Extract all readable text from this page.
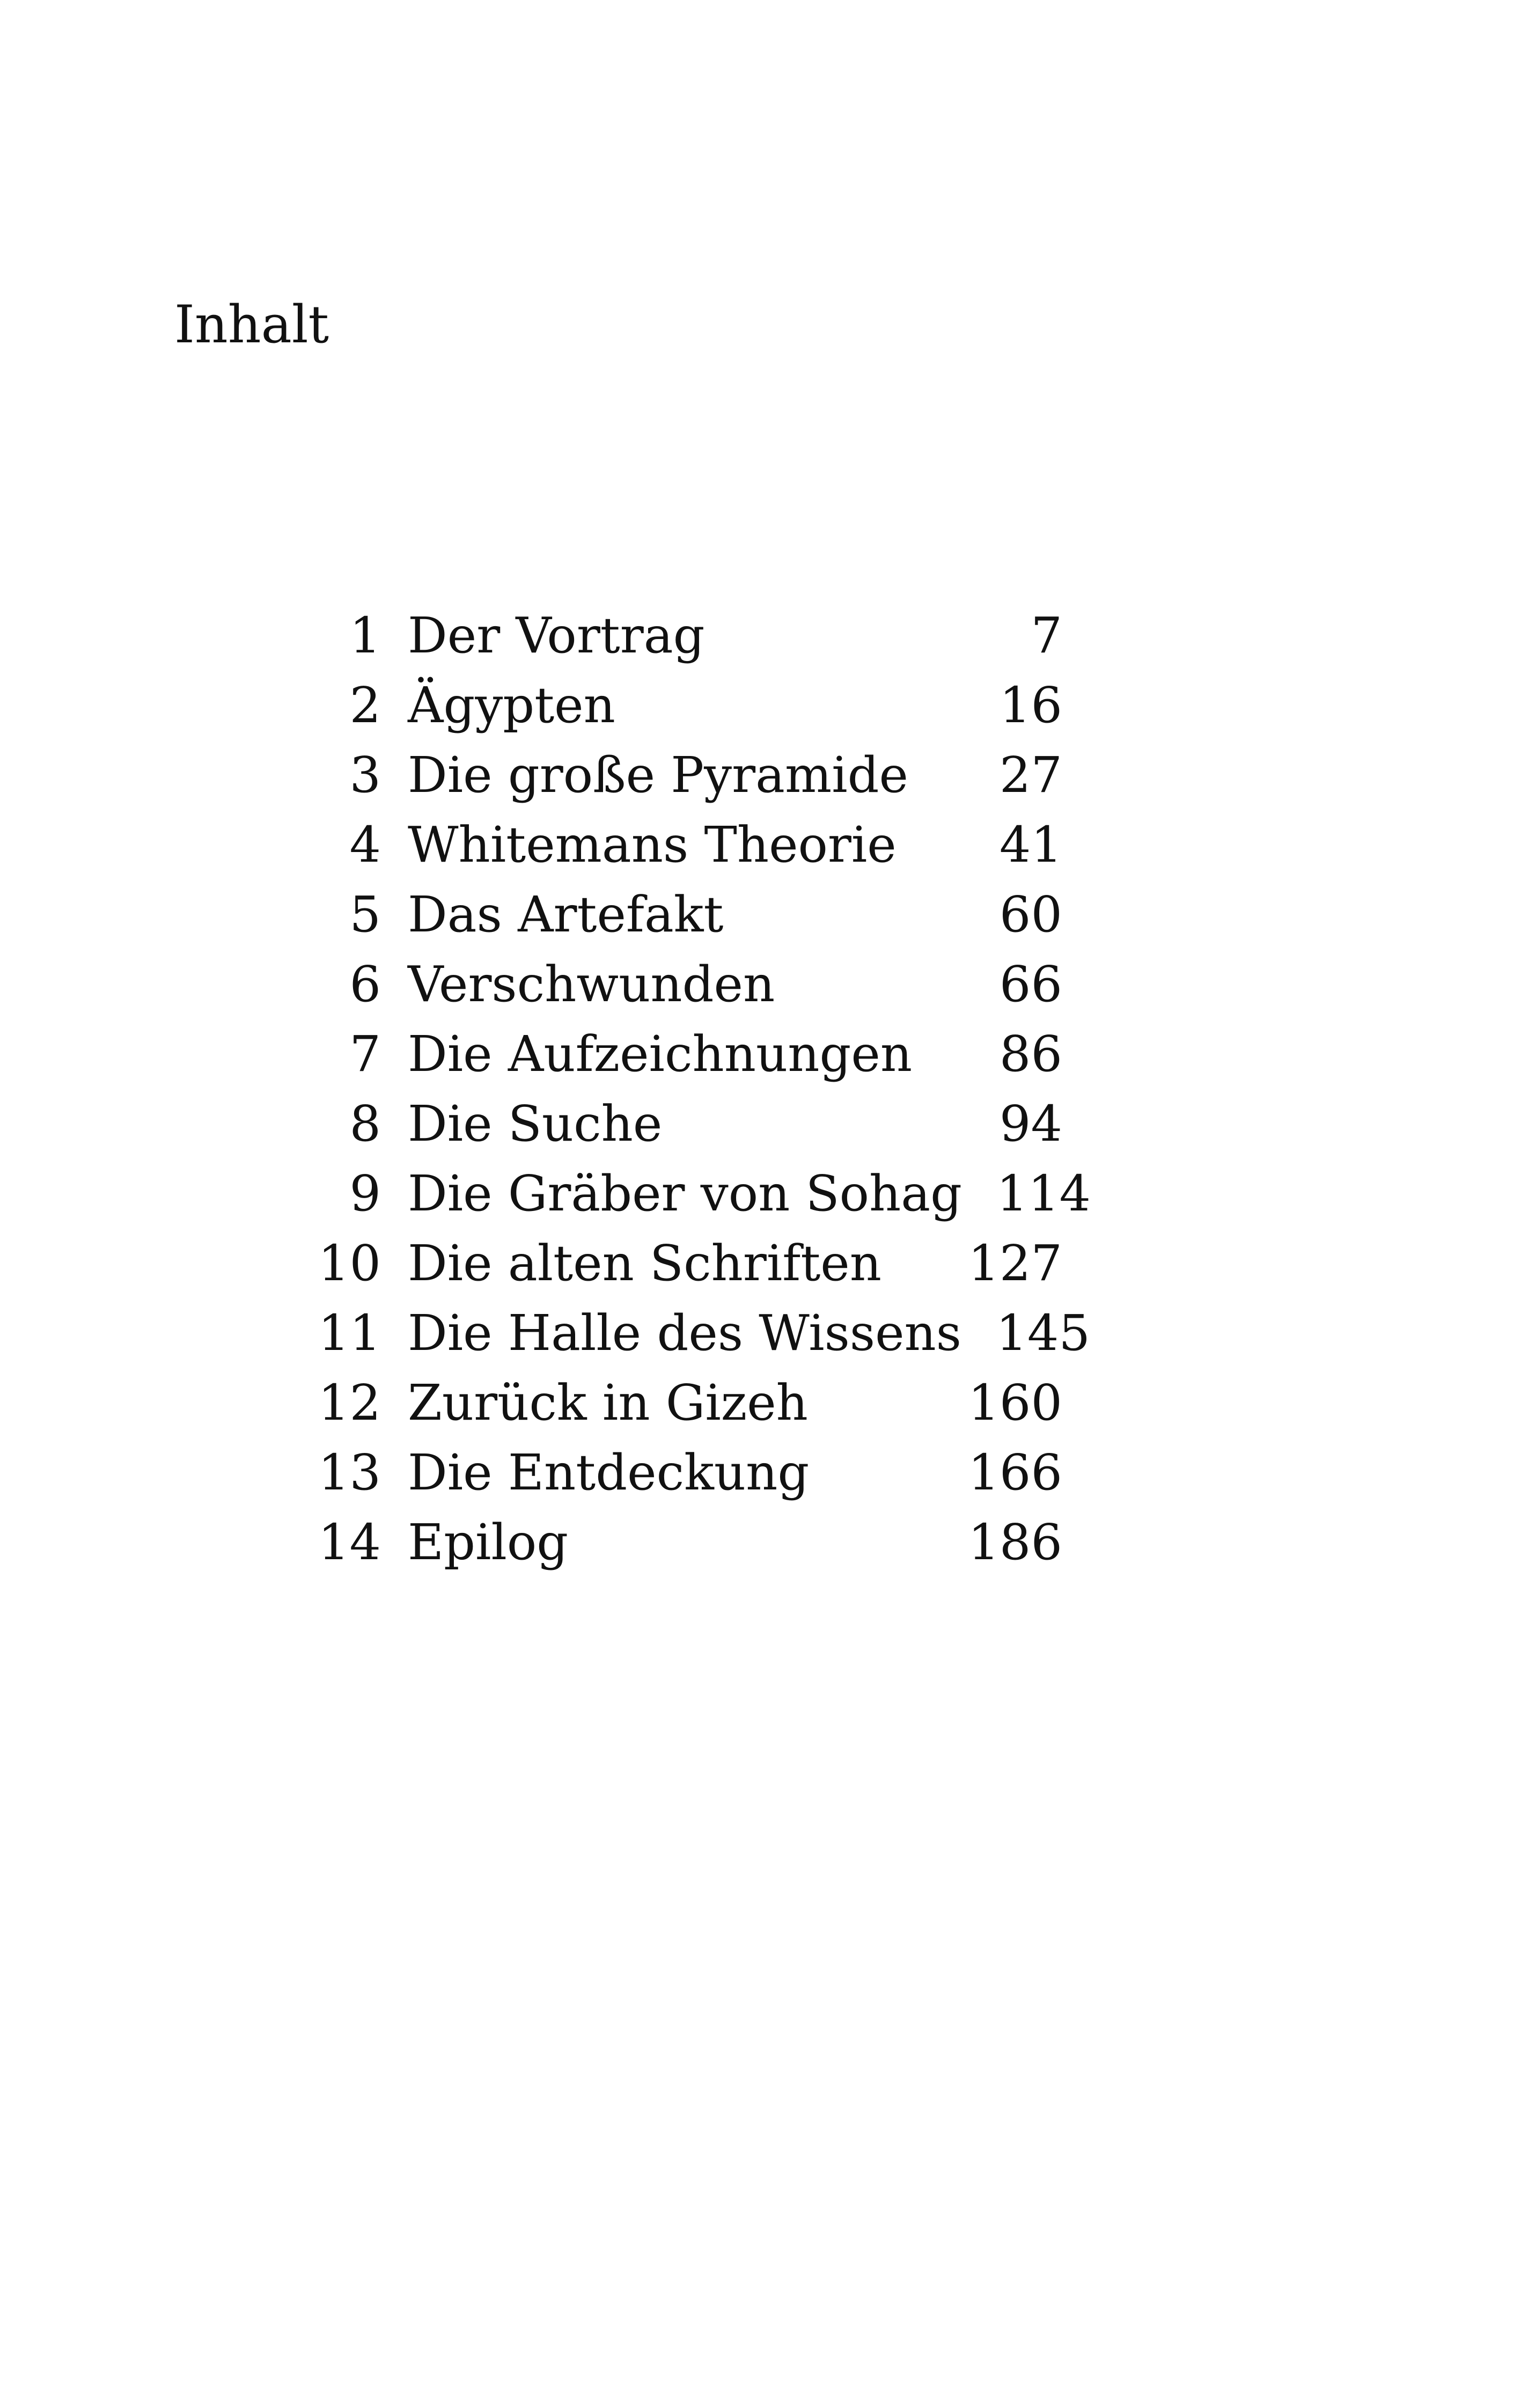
Inhalt
1 Der Vortrag	7
2 Ägypten	16
3 Die große Pyramide	27
4 Whitemans Theorie	41
5 Das Artefakt	60
6 Verschwunden	66
7 Die Aufzeichnungen	86
8 Die Suche	94
9 Die Gräber von Sohag 114
10 Die alten Schriften	127
11 Die Halle des Wissens 145
12 Zurück in Gizeh	160
13 Die Entdeckung	166
14 Epilog	186
